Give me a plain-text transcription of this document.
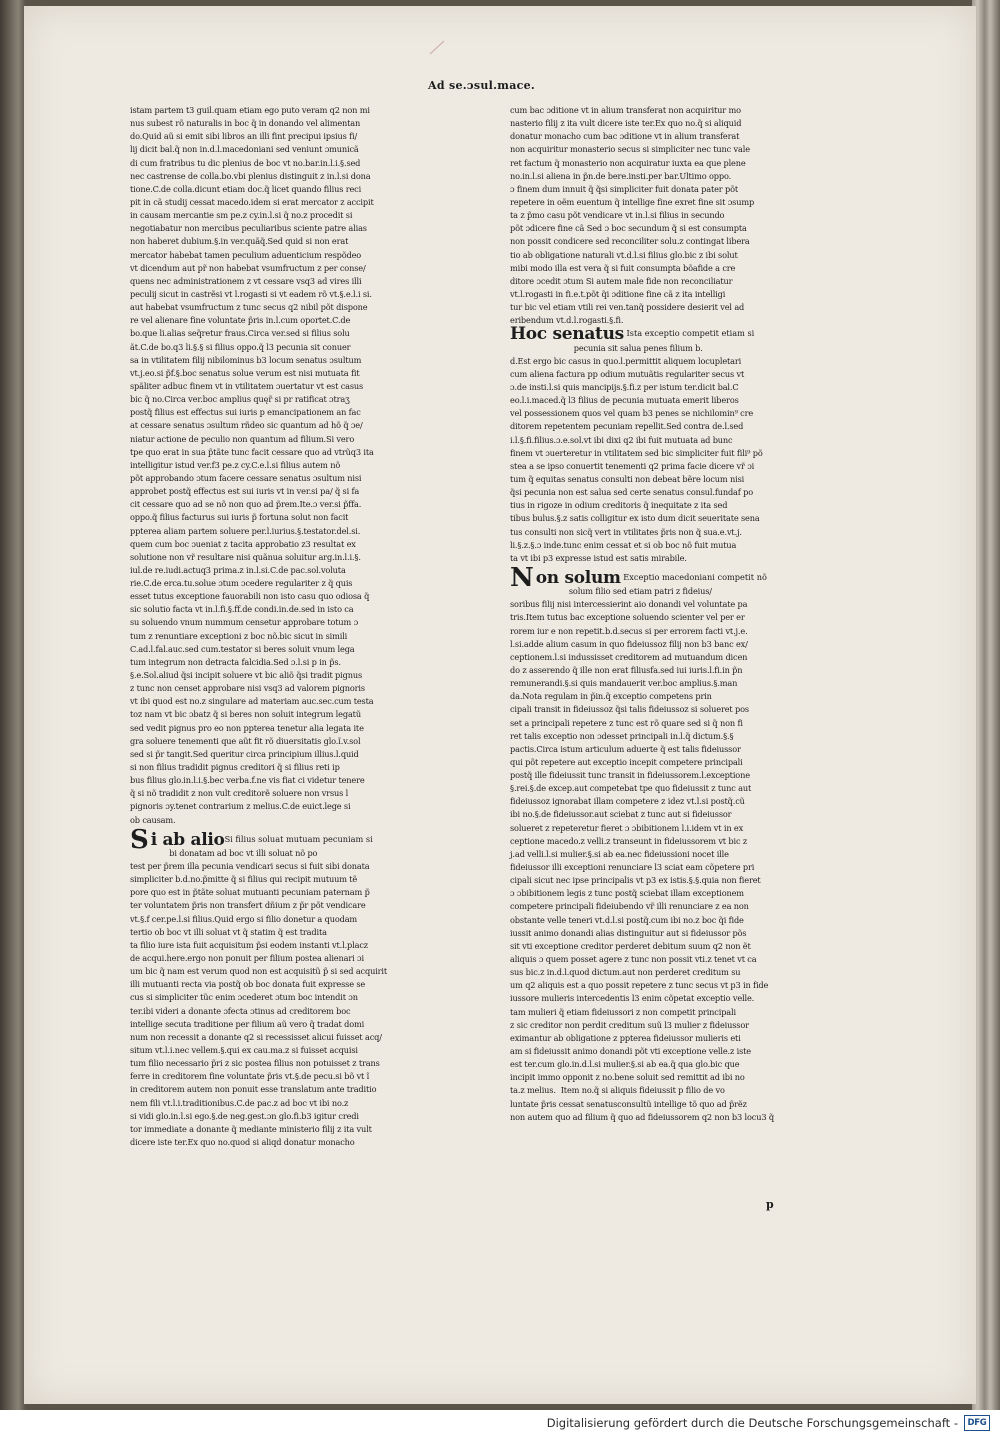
Ad se.ɔsul.mace.
istam partem t3 guil.quam etiam ego puto veram q2 non mi
nus subest rõ naturalis in boc q̃ in donando vel alimentan
do.Quid aũ si emit sibi libros an illi fint precipui ipsius fi/
lij dicit bal.q̃ non in.d.l.macedoniani sed veniunt ɔmunicã
di cum fratribus tu dic plenius de boc vt no.bar.in.l.i.§.sed
nec castrense de colla.bo.vbi plenius distinguit z in.l.si dona
tione.C.de colla.dicunt etiam doc.q̃ licet quando filius reci
pit in cã studij cessat macedo.idem si erat mercator z accipit
in causam mercantie sm pe.z cy.in.l.si q̃ no.z procedit si
negotiabatur non mercibus peculiaribus sciente patre alias
non haberet dubium.§.in ver.quãq̃.Sed quid si non erat
mercator habebat tamen peculium aduenticium respõdeo
vt dicendum aut pr̃ non habebat vsumfructum z per conse/
quens nec administrationem z vt cessare vsq3 ad vires illi
peculij sicut in castrẽsi vt l.rogasti si vt eadem rõ vt.§.e.l.i si.
aut habebat vsumfructum z tunc secus q2 nibil põt dispone
re vel alienare fine voluntate p̃ris in.l.cum oportet.C.de
bo.que li.alias seq̃retur fraus.Circa ver.sed si filius solu
ãt.C.de bo.q3 li.§.§ si filius oppo.q̃ l3 pecunia sit conuer
sa in vtilitatem filij nibilominus b3 locum senatus ɔsultum
vt.j.eo.si p̃f.§.boc senatus solue verum est nisi mutuata fit
spãliter adbuc finem vt in vtilitatem ɔuertatur vt est casus
bic q̃ no.Circa ver.boc amplius quęr̃ si pr ratificat ɔtraʒ
postq̃ filius est effectus sui iuris p emancipationem an fac
at cessare senatus ɔsultum rñdeo sic quantum ad hõ q̃ ɔe/
niatur actione de peculio non quantum ad filium.Si vero
tpe quo erat in sua p̃tãte tunc facit cessare quo ad vtrũq3 ita
intelligitur istud ver.f3 pe.z cy.C.e.l.si filius autem nõ
põt approbando ɔtum facere cessare senatus ɔsultum nisi
approbet postq̃ effectus est sui iuris vt in ver.si pa/ q̃ si fa
cit cessare quo ad se nõ non quo ad p̃rem.Ite.ɔ ver.si p̃ffa.
oppo.q̃ filius facturus sui iuris p̃ fortuna solut non facit
ppterea aliam partem soluere per.l.iurius.§.testator.del.si.
quem cum boc ɔueniat z tacita approbatio z3 resultat ex
solutione non vr̃ resultare nisi quãnua soluitur arg.in.l.i.§.
iul.de re.iudi.actuq3 prima.z in.l.si.C.de pac.sol.voluta
rie.C.de erca.tu.solue ɔtum ɔcedere regulariter z q̃ quis
esset tutus exceptione fauorabili non isto casu quo odiosa q̃
sic solutio facta vt in.l.fi.§.ff.de condi.in.de.sed in isto ca
su soluendo vnum nummum censetur approbare totum ɔ
tum z renuntiare exceptioni z boc nõ.bic sicut in simili
C.ad.l.fal.auc.sed cum.testator si beres soluit vnum lega
tum integrum non detracta falcidia.Sed ɔ.l.si p in p̃s.
§.e.Sol.aliud q̃si incipit soluere vt bic aliõ q̃si tradit pignus
z tunc non censet approbare nisi vsq3 ad valorem pignoris
vt ibi quod est no.z singulare ad materiam auc.sec.cum testa
toz nam vt bic ɔbatz q̃ si beres non soluit integrum legatũ
sed vedit pignus pro eo non ppterea tenetur alia legata ite
gra soluere tenementi que aũt fit rõ diuersitatis glo.ĩ.v.sol
sed si p̃r tangit.Sed queritur circa principium illius.l.quid
si non filius tradidit pignus creditori q̃ si filius reti ip
bus filius glo.in.l.i.§.bec verba.f.ne vis fiat ci videtur tenere
q̃ si nõ tradidit z non vult creditorẽ soluere non vrsus l
pignoris ɔy.tenet contrarium z melius.C.de euict.lege si
ob causam.
Si ab alioSi filius soluat mutuam pecuniam si
bi donatam ad boc vt illi soluat nõ po
test per p̃rem illa pecunia vendicari secus si fuit sibi donata
simpliciter b.d.no.p̃mitte q̃ si filius qui recipit mutuum tẽ
pore quo est in p̃tãte soluat mutuanti pecuniam paternam p̃
ter voluntatem p̃ris non transfert dñium z p̃r põt vendicare
vt.§.f cer.pe.l.si filius.Quid ergo si filio donetur a quodam
tertio ob boc vt illi soluat vt q̃ statim q̃ est tradita
ta filio iure ista fuit acquisitum p̃si eodem instanti vt.l.placz
de acqui.here.ergo non ponuit per filium postea alienari ɔi
um bic q̃ nam est verum quod non est acquisitũ p̃ si sed acquirit
illi mutuanti recta via postq̃ ob boc donata fuit expresse se
cus si simpliciter tũc enim ɔcederet ɔtum boc intendit ɔn
ter.ibi videri a donante ɔfecta ɔtinus ad creditorem boc
intellige secuta traditione per filium aũ vero q̃ tradat domi
num non recessit a donante q2 si recessisset alicui fuisset acq/
situm vt.l.i.nec vellem.§.qui ex cau.ma.z si fuisset acquisi
tum filio necessario p̃ri z sic postea filius non potuisset z trans
ferre in creditorem fine voluntate p̃ris vt.§.de pecu.si bõ vt ĩ
in creditorem autem non ponuit esse translatum ante traditio
nem fili vt.l.i.traditionibus.C.de pac.z ad boc vt ibi no.z
si vidi glo.in.l.si ego.§.de neg.gest.ɔn glo.fi.b3 igitur credi
tor immediate a donante q̃ mediante ministerio filij z ita vult
dicere iste ter.Ex quo no.quod si aliqd donatur monacho
cum bac ɔditione vt in alium transferat non acquiritur mo
nasterio filij z ita vult dicere iste ter.Ex quo no.q̃ si aliquid
donatur monacho cum bac ɔditione vt in alium transferat
non acquiritur monasterio secus si simpliciter nec tunc vale
ret factum q̃ monasterio non acquiratur iuxta ea que plene
no.in.l.si aliena in p̃n.de bere.insti.per bar.Ultimo oppo.
ɔ finem dum innuit q̃ q̃si simpliciter fuit donata pater põt
repetere in oẽm euentum q̃ intellige fine exret fine sit ɔsump
ta z p̃mo casu põt vendicare vt in.l.si filius in secundo
põt ɔdicere fine cã Sed ɔ boc secundum q̃ si est consumpta
non possit condicere sed reconciliter solu.z contingat libera
tio ab obligatione naturali vt.d.l.si filius glo.bic z ibi solut
mibi modo illa est vera q̃ si fuit consumpta bõafide a cre
ditore ɔcedit ɔtum Si autem male fide non reconciliatur
vt.l.rogasti in fi.e.t.põt q̃i ɔditione fine cã z ita intelligi
tur bic vel etiam vtili rei ven.tanq̃ possidere desierit vel ad
eribendum vt.d.l.rogasti.§.fi.
Hoc senatus Ista exceptio competit etiam si
pecunia sit salua penes filium b.
d.Est ergo bic casus in quo.l.permittit aliquem locupletari
cum aliena factura pp odium mutuãtis regulariter secus vt
ɔ.de insti.l.si quis mancipijs.§.fi.z per istum ter.dicit bal.C
eo.l.i.maced.q̃ l3 filius de pecunia mutuata emerit liberos
vel possessionem quos vel quam b3 penes se nichilomin⁹ cre
ditorem repetentem pecuniam repellit.Sed contra de.l.sed
i.l.§.fi.filius.ɔ.e.sol.vt ibi dixi q2 ibi fuit mutuata ad bunc
finem vt ɔuerteretur in vtilitatem sed bic simpliciter fuit fili⁹ põ
stea a se ipso conuertit tenementi q2 prima facie dicere vr̃ ɔi
tum q̃ equitas senatus consulti non debeat bẽre locum nisi
q̃si pecunia non est salua sed certe senatus consul.fundaf po
tius in rigoze in odium creditoris q̃ inequitate z ita sed
tibus bulus.§.z satis colligitur ex isto dum dicit seueritate sena
tus consulti non sicq̃ vert in vtilitates p̃ris non q̃ sua.e.vt.j.
li.§.z.§.ɔ inde.tunc enim cessat et si ob boc nõ fuit mutua
ta vt ibi p3 expresse istud est satis mirabile.
Non solum Exceptio macedoniani competit nõ
solum filio sed etiam patri z fideius/
soribus filij nisi intercessierint aio donandi vel voluntate pa
tris.Item tutus bac exceptione soluendo scienter vel per er
rorem iur e non repetit.b.d.secus si per errorem facti vt.j.e.
l.si.adde alium casum in quo fideiussoz filij non b3 banc ex/
ceptionem.l.si indussisset creditorem ad mutuandum dicen
do z asserendo q̃ ille non erat filiusfa.sed iui iuris.l.fi.in p̃n
remunerandi.§.si quis mandauerit ver.boc amplius.§.man
da.Nota regulam in p̃in.q̃ exceptio competens prin
cipali transit in fideiussoz q̃si talis fideiussoz si solueret pos
set a principali repetere z tunc est rõ quare sed si q̃ non fi
ret talis exceptio non ɔdesset principali in.l.q̃ dictum.§.§
pactis.Circa istum articulum aduerte q̃ est talis fideiussor
qui põt repetere aut exceptio incepit competere principali
postq̃ ille fideiussit tunc transit in fideiussorem.l.exceptione
§.rei.§.de excep.aut competebat tpe quo fideiussit z tunc aut
fideiussoz ignorabat illam competere z idez vt.l.si postq̃.cũ
ibi no.§.de fideiussor.aut sciebat z tunc aut si fideiussor
solueret z repeteretur fieret ɔ ɔbibitionem l.i.idem vt in ex
ceptione macedo.z velli.z transeunt in fideiussorem vt bic z
j.ad velli.l.si mulier.§.si ab ea.nec fideiussioni nocet ille
fideiussor illi exceptioni renunciare l3 sciat eam cõpetere pri
cipali sicut nec ipse principalis vt p3 ex istis.§.§.quia non fieret
ɔ ɔbibitionem legis z tunc postq̃ sciebat illam exceptionem
competere principali fideiubendo vr̃ illi renunciare z ea non
obstante velle teneri vt.d.l.si postq̃.cum ibi no.z boc q̃i fide
iussit animo donandi alias distinguitur aut si fideiussor põs
sit vti exceptione creditor perderet debitum suum q2 non ẽt
aliquis ɔ quem posset agere z tunc non possit vti.z tenet vt ca
sus bic.z in.d.l.quod dictum.aut non perderet creditum su
um q2 aliquis est a quo possit repetere z tunc secus vt p3 in fide
iussore mulieris intercedentis l3 enim cõpetat exceptio velle.
tam mulieri q̃ etiam fideiussori z non competit principali
z sic creditor non perdit creditum suũ l3 mulier z fideiussor
eximantur ab obligatione z ppterea fideiussor mulieris eti
am si fideiussit animo donandi põt vti exceptione velle.z iste
est ter.cum glo.in.d.l.si mulier.§.si ab ea.q̃ qua glo.bic que
incipit immo opponit z no.bene soluit sed remittit ad ibi no
ta.z melius.  Item no.q̃ si aliquis fideiussit p filio de vo
luntate p̃ris cessat senatusconsultũ intellige tõ quo ad p̃rẽz
non autem quo ad filium q̃ quo ad fideiussorem q2 non b3 locu3 q̃
p
Digitalisierung gefördert durch die Deutsche Forschungsgemeinschaft -	DFG
